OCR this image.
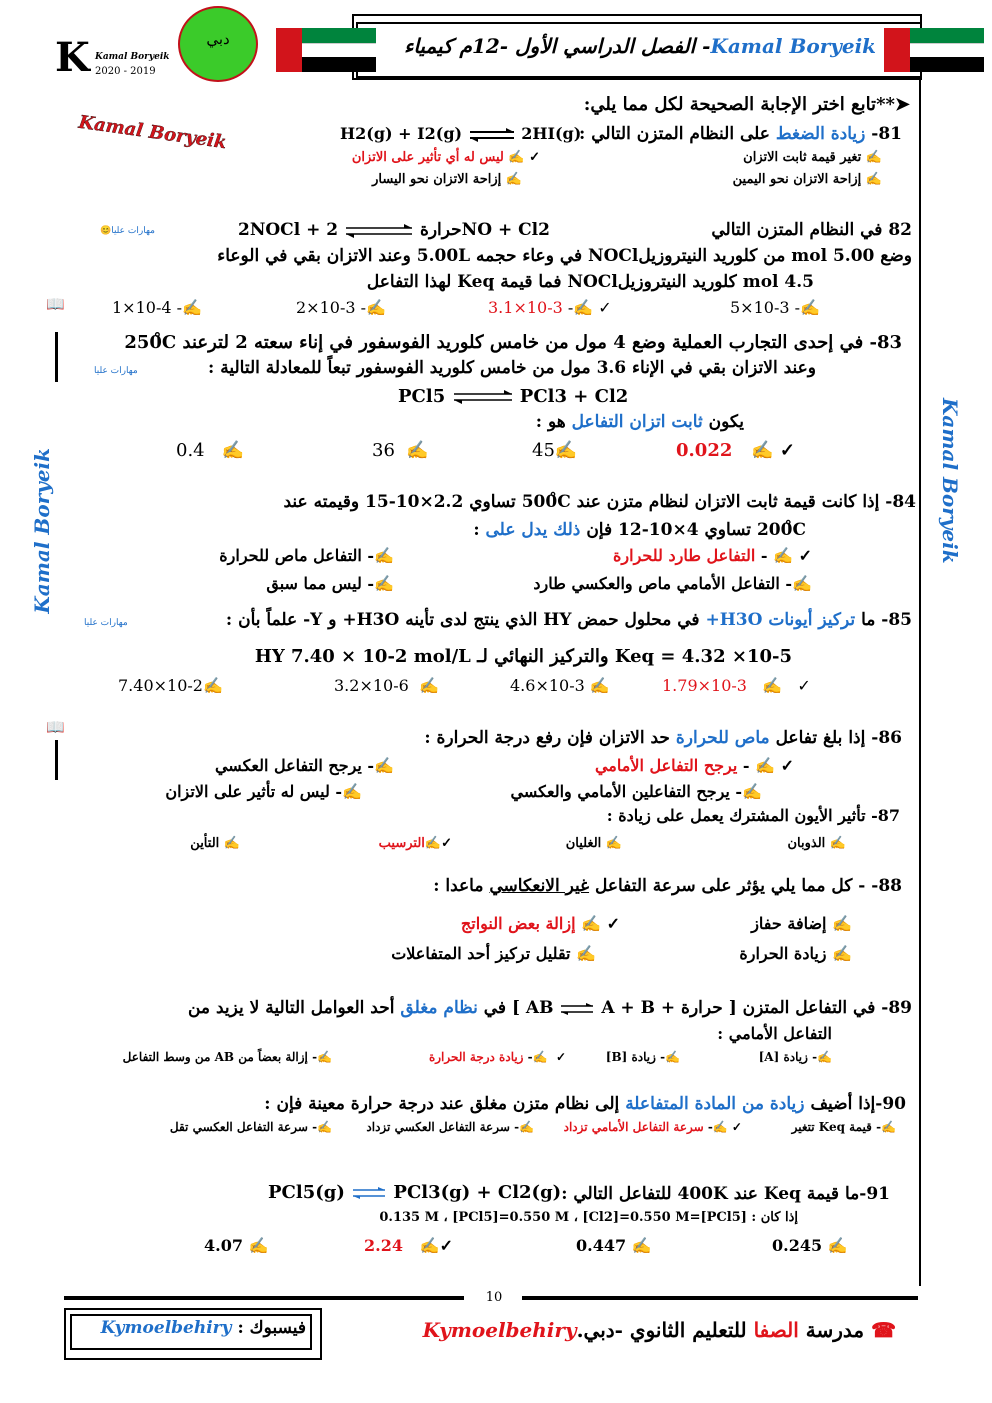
K Kamal Boryeik
2020 - 2019
دبي	Kamal Boryeik- الفصل الدراسي الأول -12م كيمياء
📖
📖
Kamal Boryeik	Kamal Boryeik
Kamal Boryeik
➤**تابع اختر الإجابة الصحيحة لكل مما يلي:
81- زيادة الضغط على النظام المتزن التالي :
H2(g) + I2(g) ⇌ 2HI(g)
✍ تغير قيمة ثابت الاتزان
✓ ✍ ليس له أي تأثير على الاتزان
✍ إزاحة الاتزان نحو اليمين
✍ إزاحة الاتزان نحو اليسار
82 في النظام المتزن التالي
2NOCl + حرارة  2NO + Cl2
😊مهارات عليا
وضع 5.00 mol من كلوريد النيتروزيلNOCl في وعاء حجمه 5.00L وعند الاتزان بقي في الوعاء
4.5 mol كلوريد النيتروزيلNOCl فما قيمة Keq لهذا التفاعل
5×10-3 -✍
3.1×10-3 -✍ ✓
2×10-3 -✍
1×10-4 -✍
83- في إحدى التجارب العملية وضع 4 مول من خامس كلوريد الفوسفور في إناء سعته 2 لترعند 250̊C
وعند الاتزان بقي في الإناء 3.6 مول من خامس كلوريد الفوسفور تبعاً للمعادلة التالية :
مهارات عليا
PCl5 ⇌ PCl3 + Cl2
يكون ثابت اتزان التفاعل هو :
0.022   ✍ ✓
45✍
36  ✍
0.4   ✍
84- إذا كانت قيمة ثابت الاتزان لنظام متزن عند 500̊C تساوي 2.2×10-15 وقيمته عند
200̊C تساوي 4×10-12 فإن ذلك يدل على :
✓ ✍ - التفاعل طارد للحرارة
✍- التفاعل ماص للحرارة
✍- التفاعل الأمامي ماص والعكسي طارد
✍- ليس مما سبق
85- ما تركيز أيونات H3O+ في محلول حمض HY الذي ينتج لدى تأينه H3O+ و Y- علماً بأن :
مهارات عليا
Keq = 4.32 ×10-5 والتركيز النهائي لـ HY 7.40 × 10-2 mol/L
1.79×10-3   ✍   ✓
4.6×10-3 ✍
3.2×10-6  ✍
7.40×10-2✍
86- إذا بلغ تفاعل ماص للحرارة حد الاتزان فإن رفع درجة الحرارة :
✓ ✍ - يرجح التفاعل الأمامي
✍- يرجح التفاعل العكسي
✍- يرجح التفاعلين الأمامي والعكسي
✍- ليس له تأثير على الاتزان
87- تأثير الأيون المشترك يعمل على زيادة :
✍ الذوبان
✍ الغليان
✓✍الترسيب
✍ التأين
88- - كل مما يلي يؤثر على سرعة التفاعل غير الانعكاسي ماعدا :
✍ إضافة حفاز
✓ ✍ إزالة بعض النواتج
✍ زيادة الحرارة
✍ تقليل تركيز أحد المتفاعلات
89- في التفاعل المتزن [ حرارة + AB  A + B ] في نظام مغلق أحد العوامل التالية لا يزيد من
التفاعل الأمامي :
✍- زيادة [A]
✍- زيادة [B]
✓  ✍- زيادة درجة الحرارة
✍- إزالة بعضاً من AB من وسط التفاعل
90-إذا أضيف زيادة من المادة المتفاعلة إلى نظام متزن مغلق عند درجة حرارة معينة فإن :
✍- قيمة Keq تتغير
✓ ✍- سرعة التفاعل الأمامي تزداد
✍- سرعة التفاعل العكسي تزداد
✍- سرعة التفاعل العكسي تقل
91-ما قيمة Keq عند 400K للتفاعل التالي :
PCl5(g) ⇌ PCl3(g) + Cl2(g)
إذا كان : [PCl5]=0.135 M ، [PCl5]=0.550 M ، [Cl2]=0.550 M
0.245 ✍
0.447 ✍
2.24   ✍✓
4.07 ✍
10
فيسبوك : Kymoelbehiry	☎ مدرسة الصفا للتعليم الثانوي -دبي.Kymoelbehiry
